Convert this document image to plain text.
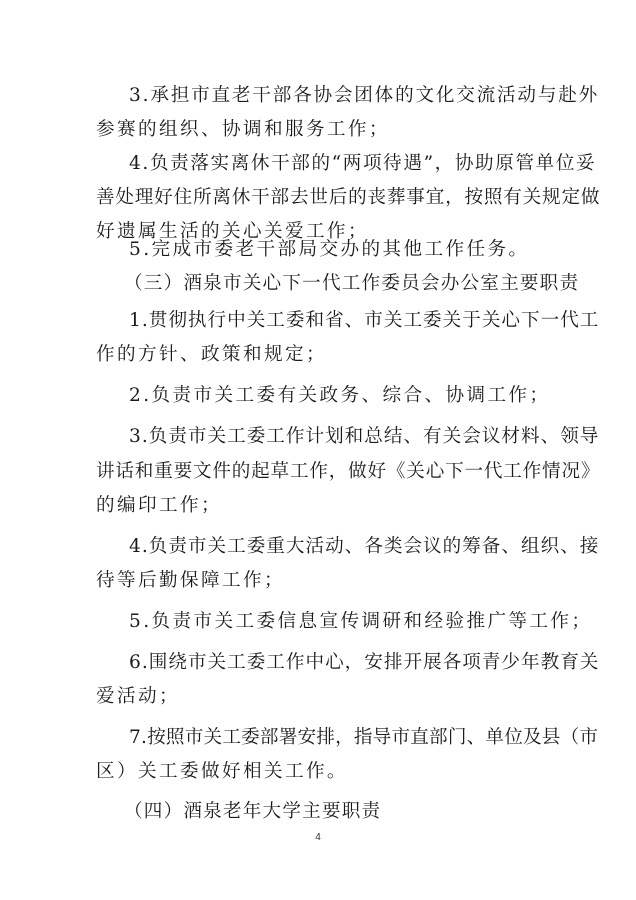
3.承担市直老干部各协会团体的文化交流活动与赴外
参赛的组织、协调和服务工作；
4.负责落实离休干部的“两项待遇”，协助原管单位妥
善处理好住所离休干部去世后的丧葬事宜，按照有关规定做
好遗属生活的关心关爱工作；
5.完成市委老干部局交办的其他工作任务。
（三）酒泉市关心下一代工作委员会办公室主要职责
1.贯彻执行中关工委和省、市关工委关于关心下一代工
作的方针、政策和规定；
2.负责市关工委有关政务、综合、协调工作；
3.负责市关工委工作计划和总结、有关会议材料、领导
讲话和重要文件的起草工作，做好《关心下一代工作情况》
的编印工作；
4.负责市关工委重大活动、各类会议的筹备、组织、接
待等后勤保障工作；
5.负责市关工委信息宣传调研和经验推广等工作；
6.围绕市关工委工作中心，安排开展各项青少年教育关
爱活动；
7.按照市关工委部署安排，指导市直部门、单位及县（市
区）关工委做好相关工作。
（四）酒泉老年大学主要职责
4
